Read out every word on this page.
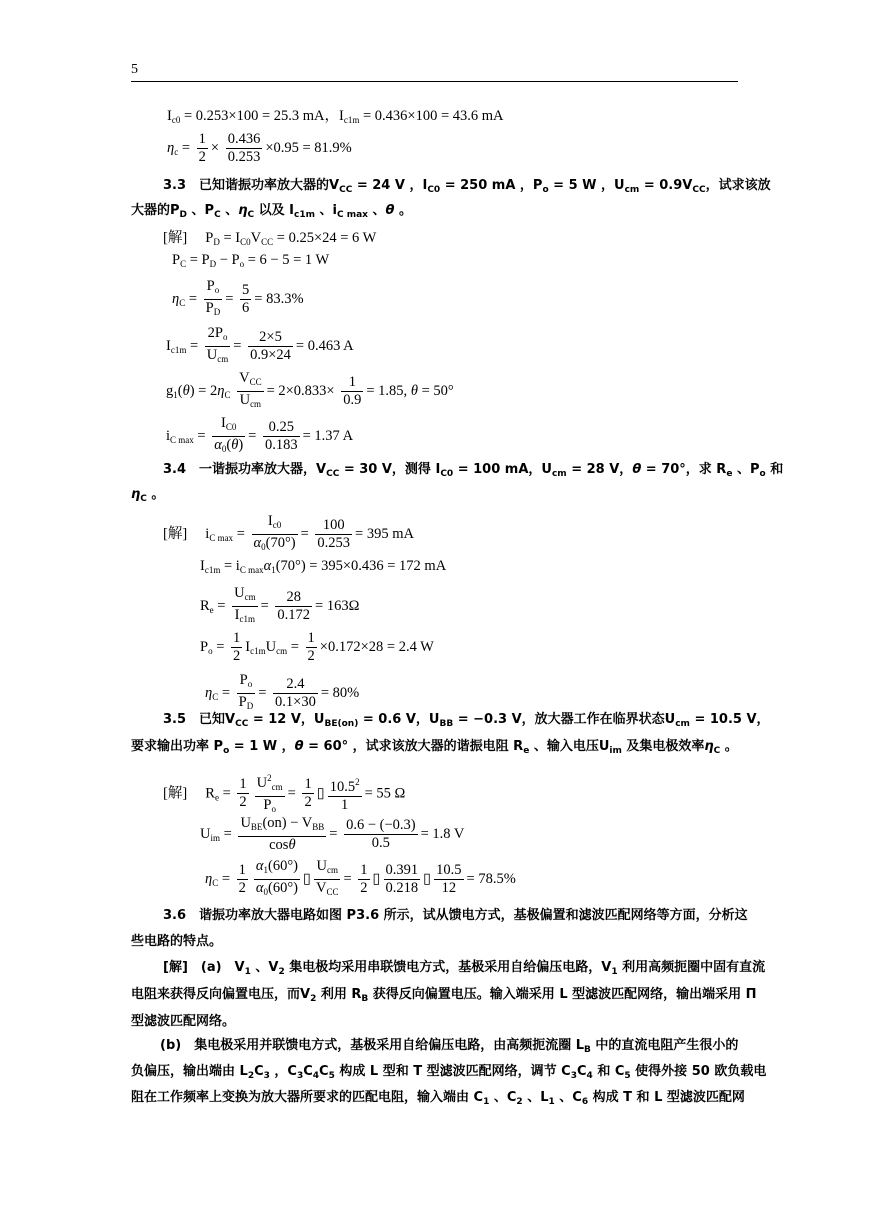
5
$I_{c0} = 0.253\times 100 = 25.3$ mA，$I_{c1m} = 0.436\times 100 = 43.6$ mA
$\eta_c = \frac{1}{2} \times \frac{0.436}{0.253} \times 0.95 = 81.9\%$
3.3　已知谐振功率放大器的$V_{CC} = 24$ V ，$I_{C0} = 250$ mA ，$P_o = 5$ W ，$U_{cm} = 0.9V_{CC}$，试求该放
大器的$P_D$ 、$P_C$ 、$\eta_C$ 以及 $I_{c1m}$ 、$i_{C max}$ 、θ 。
[解]　 $P_D = I_{C0}V_{CC} = 0.25\times 24 = 6$ W
$P_C = P_D - P_o = 6 - 5 = 1$ W
$\eta_C = \frac{P_o}{P_D} = \frac{5}{6} = 83.3\%$
$I_{c1m} = \frac{2P_o}{U_{cm}} = \frac{2\times 5}{0.9\times 24} = 0.463$ A
$g_1(\theta) = 2\eta_C \frac{V_{CC}}{U_{cm}} = 2\times 0.833\times \frac{1}{0.9} = 1.85$, θ = 50°
$i_{C max} = \frac{I_{C0}}{\alpha_0(\theta)} = \frac{0.25}{0.183} = 1.37$ A
3.4　一谐振功率放大器，$V_{CC} = 30$ V，测得 $I_{C0} = 100$ mA，$U_{cm} = 28$ V，θ = 70°，求 $R_e$ 、$P_o$ 和
$\eta_C$ 。
[解]　 $i_{C max} = \frac{I_{c0}}{\alpha_0(70^\circ)} = \frac{100}{0.253} = 395$ mA
$I_{c1m} = i_{C max}\alpha_1(70^\circ) = 395\times 0.436 = 172$ mA
$R_e = \frac{U_{cm}}{I_{c1m}} = \frac{28}{0.172} = 163\Omega$
$P_o = \frac{1}{2} I_{c1m}U_{cm} = \frac{1}{2} \times 0.172\times 28 = 2.4$ W
$\eta_C = \frac{P_o}{P_D} = \frac{2.4}{0.1\times 30} = 80\%$
3.5　已知$V_{CC} = 12$ V，$U_{BE(on)} = 0.6$ V，$U_{BB} = -0.3$ V，放大器工作在临界状态$U_{cm} = 10.5$ V，
要求输出功率 $P_o = 1$ W ，θ = 60° ，试求该放大器的谐振电阻 $R_e$ 、输入电压$U_{im}$ 及集电极效率$\eta_C$ 。
[解]　 $R_e = \frac{1}{2} \frac{U^2_{cm}}{P_o} = \frac{1}{2}$ ▯ $\frac{10.5^2}{1} = 55$ Ω
$U_{im} = \frac{U_{BE}(on) - V_{BB}}{\cos\theta} = \frac{0.6 - (-0.3)}{0.5} = 1.8$ V
$\eta_C = \frac{1}{2} \frac{\alpha_1(60^\circ)}{\alpha_0(60^\circ)}$ ▯ $\frac{U_{cm}}{V_{CC}} = \frac{1}{2}$ ▯ $\frac{0.391}{0.218}$ ▯ $\frac{10.5}{12} = 78.5\%$
3.6　谐振功率放大器电路如图 P3.6 所示，试从馈电方式，基极偏置和滤波匹配网络等方面，分析这
些电路的特点。
[解]　(a)　$V_1$ 、$V_2$ 集电极均采用串联馈电方式，基极采用自给偏压电路，$V_1$ 利用高频扼圈中固有直流
电阻来获得反向偏置电压，而$V_2$ 利用 $R_B$ 获得反向偏置电压。输入端采用 L 型滤波匹配网络，输出端采用 Π
型滤波匹配网络。
(b)　集电极采用并联馈电方式，基极采用自给偏压电路，由高频扼流圈 $L_B$ 中的直流电阻产生很小的
负偏压，输出端由 $L_2C_3$ ，$C_3C_4C_5$ 构成 L 型和 T 型滤波匹配网络，调节 $C_3C_4$ 和 $C_5$ 使得外接 50 欧负载电
阻在工作频率上变换为放大器所要求的匹配电阻，输入端由 $C_1$ 、$C_2$ 、$L_1$ 、$C_6$ 构成 T 和 L 型滤波匹配网
